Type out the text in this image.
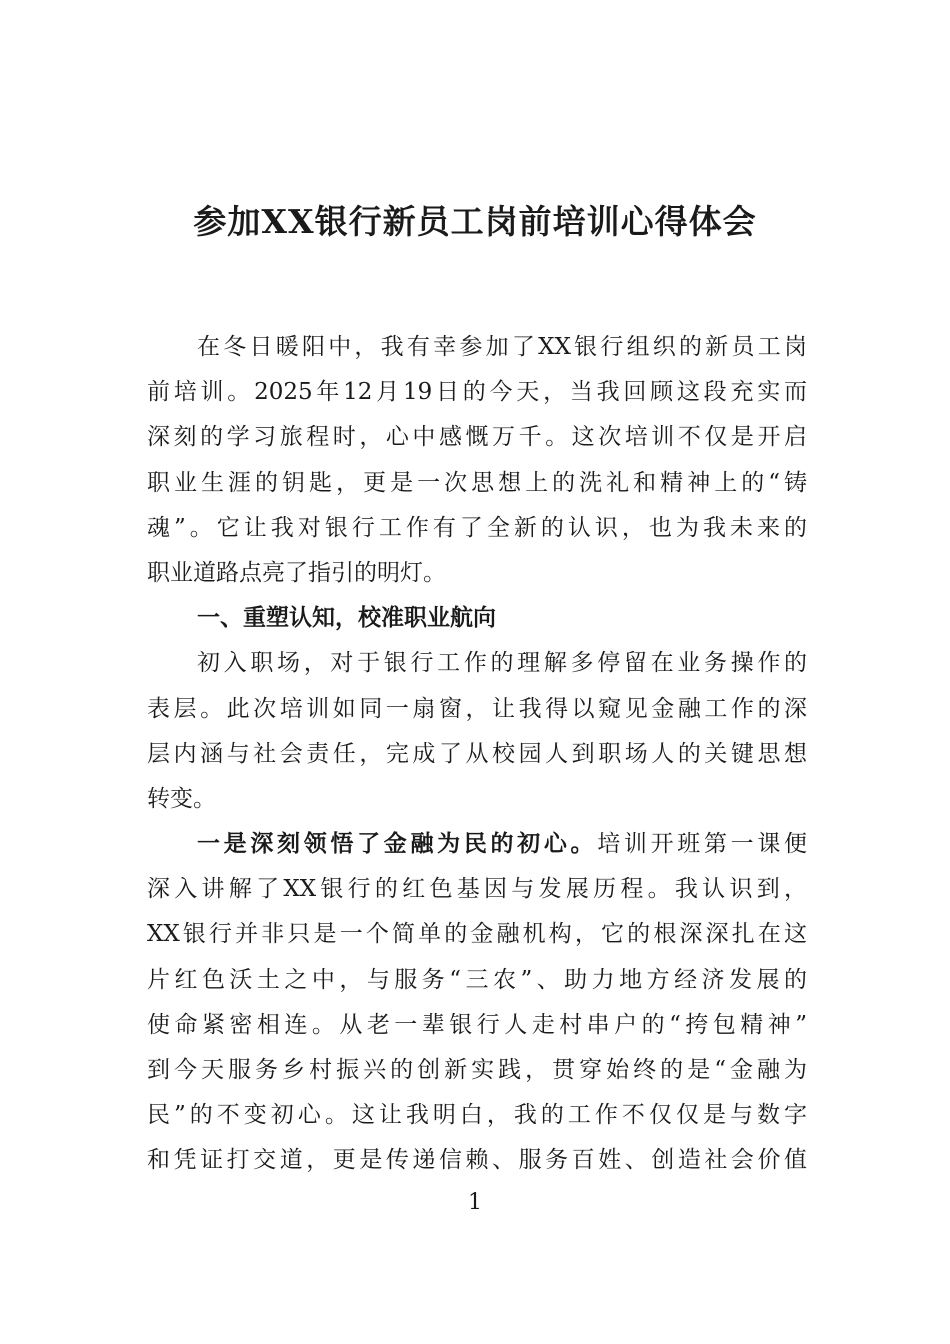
参加XX银行新员工岗前培训心得体会
在冬日暖阳中，我有幸参加了XX银行组织的新员工岗
前培训。2025年12月19日的今天，当我回顾这段充实而
深刻的学习旅程时，心中感慨万千。这次培训不仅是开启
职业生涯的钥匙，更是一次思想上的洗礼和精神上的“铸
魂”。它让我对银行工作有了全新的认识，也为我未来的
职业道路点亮了指引的明灯。
一、重塑认知，校准职业航向
初入职场，对于银行工作的理解多停留在业务操作的
表层。此次培训如同一扇窗，让我得以窥见金融工作的深
层内涵与社会责任，完成了从校园人到职场人的关键思想
转变。
一是深刻领悟了金融为民的初心。培训开班第一课便
深入讲解了XX银行的红色基因与发展历程。我认识到，
XX银行并非只是一个简单的金融机构，它的根深深扎在这
片红色沃土之中，与服务“三农”、助力地方经济发展的
使命紧密相连。从老一辈银行人走村串户的“挎包精神”
到今天服务乡村振兴的创新实践，贯穿始终的是“金融为
民”的不变初心。这让我明白，我的工作不仅仅是与数字
和凭证打交道，更是传递信赖、服务百姓、创造社会价值
1
